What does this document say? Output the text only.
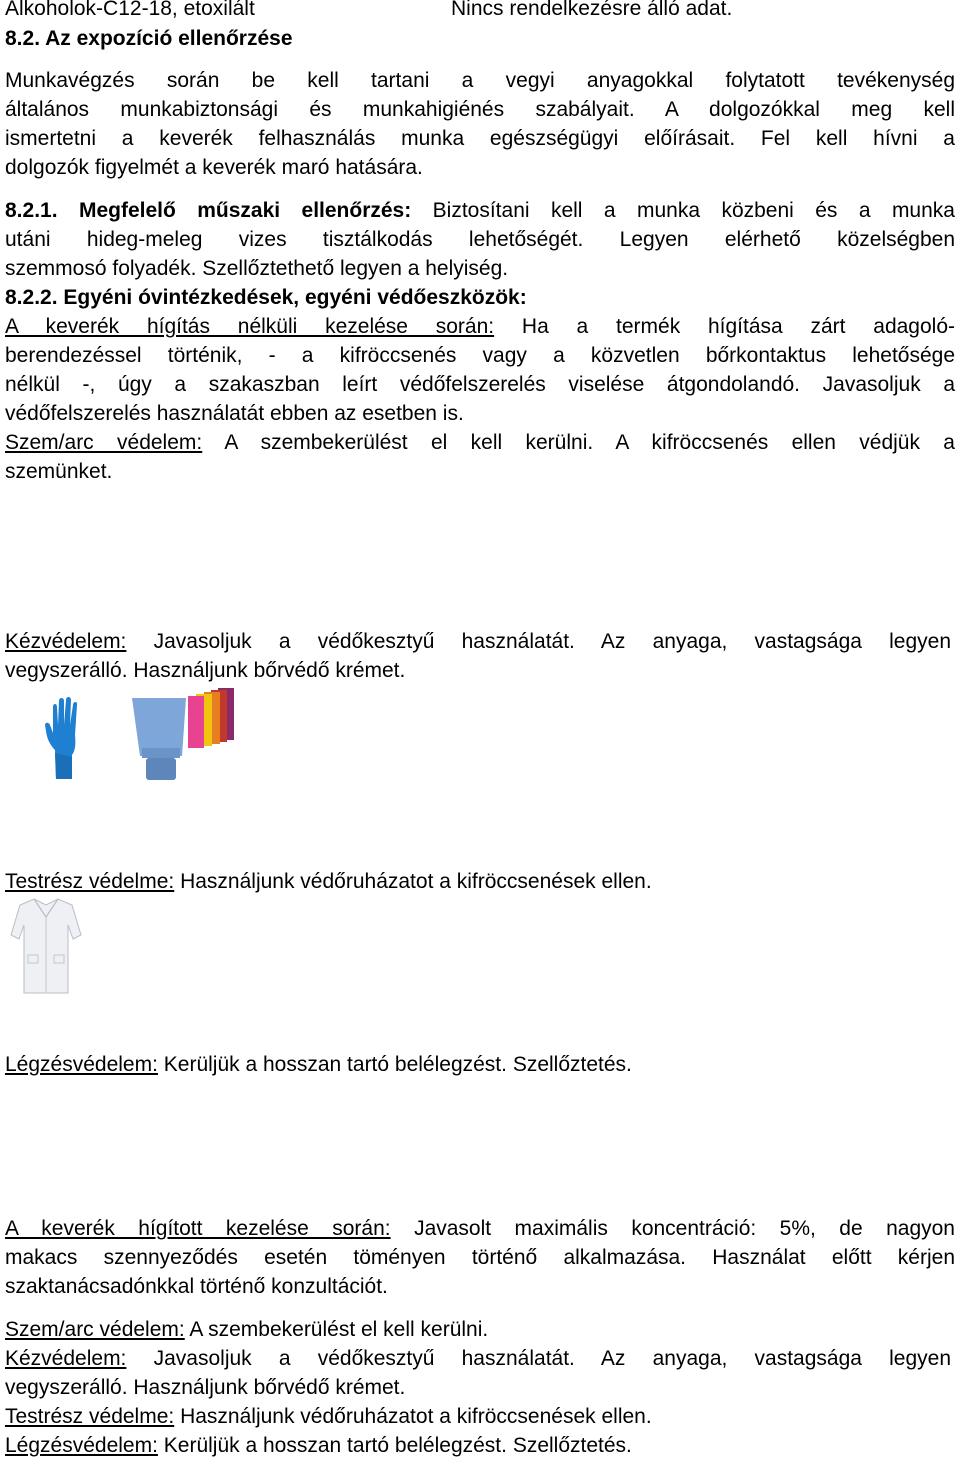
Alkoholok-C12-18, etoxilált	Nincs rendelkezésre álló adat.
8.2. Az expozíció ellenőrzése
Munkavégzés során be kell tartani a vegyi anyagokkal folytatott tevékenység
általános munkabiztonsági és munkahigiénés szabályait. A dolgozókkal meg kell
ismertetni a keverék felhasználás munka egészségügyi előírásait. Fel kell hívni a
dolgozók figyelmét a keverék maró hatására.
8.2.1. Megfelelő műszaki ellenőrzés: Biztosítani kell a munka közbeni és a munka
utáni hideg-meleg vizes tisztálkodás lehetőségét. Legyen elérhető közelségben
szemmosó folyadék. Szellőztethető legyen a helyiség.
8.2.2. Egyéni óvintézkedések, egyéni védőeszközök:
A keverék hígítás nélküli kezelése során: Ha a termék hígítása zárt adagoló-
berendezéssel történik, - a kifröccsenés vagy a közvetlen bőrkontaktus lehetősége
nélkül -, úgy a szakaszban leírt védőfelszerelés viselése átgondolandó. Javasoljuk a
védőfelszerelés használatát ebben az esetben is.
Szem/arc védelem: A szembekerülést el kell kerülni. A kifröccsenés ellen védjük a
szemünket.
Kézvédelem: Javasoljuk a védőkesztyű használatát. Az anyaga, vastagsága legyen
vegyszerálló. Használjunk bőrvédő krémet.
Testrész védelme: Használjunk védőruházatot a kifröccsenések ellen.
Légzésvédelem: Kerüljük a hosszan tartó belélegzést. Szellőztetés.
A keverék hígított kezelése során: Javasolt maximális koncentráció: 5%, de nagyon
makacs szennyeződés esetén töményen történő alkalmazása. Használat előtt kérjen
szaktanácsadónkkal történő konzultációt.
Szem/arc védelem: A szembekerülést el kell kerülni.
Kézvédelem: Javasoljuk a védőkesztyű használatát. Az anyaga, vastagsága legyen
vegyszerálló. Használjunk bőrvédő krémet.
Testrész védelme: Használjunk védőruházatot a kifröccsenések ellen.
Légzésvédelem: Kerüljük a hosszan tartó belélegzést. Szellőztetés.
